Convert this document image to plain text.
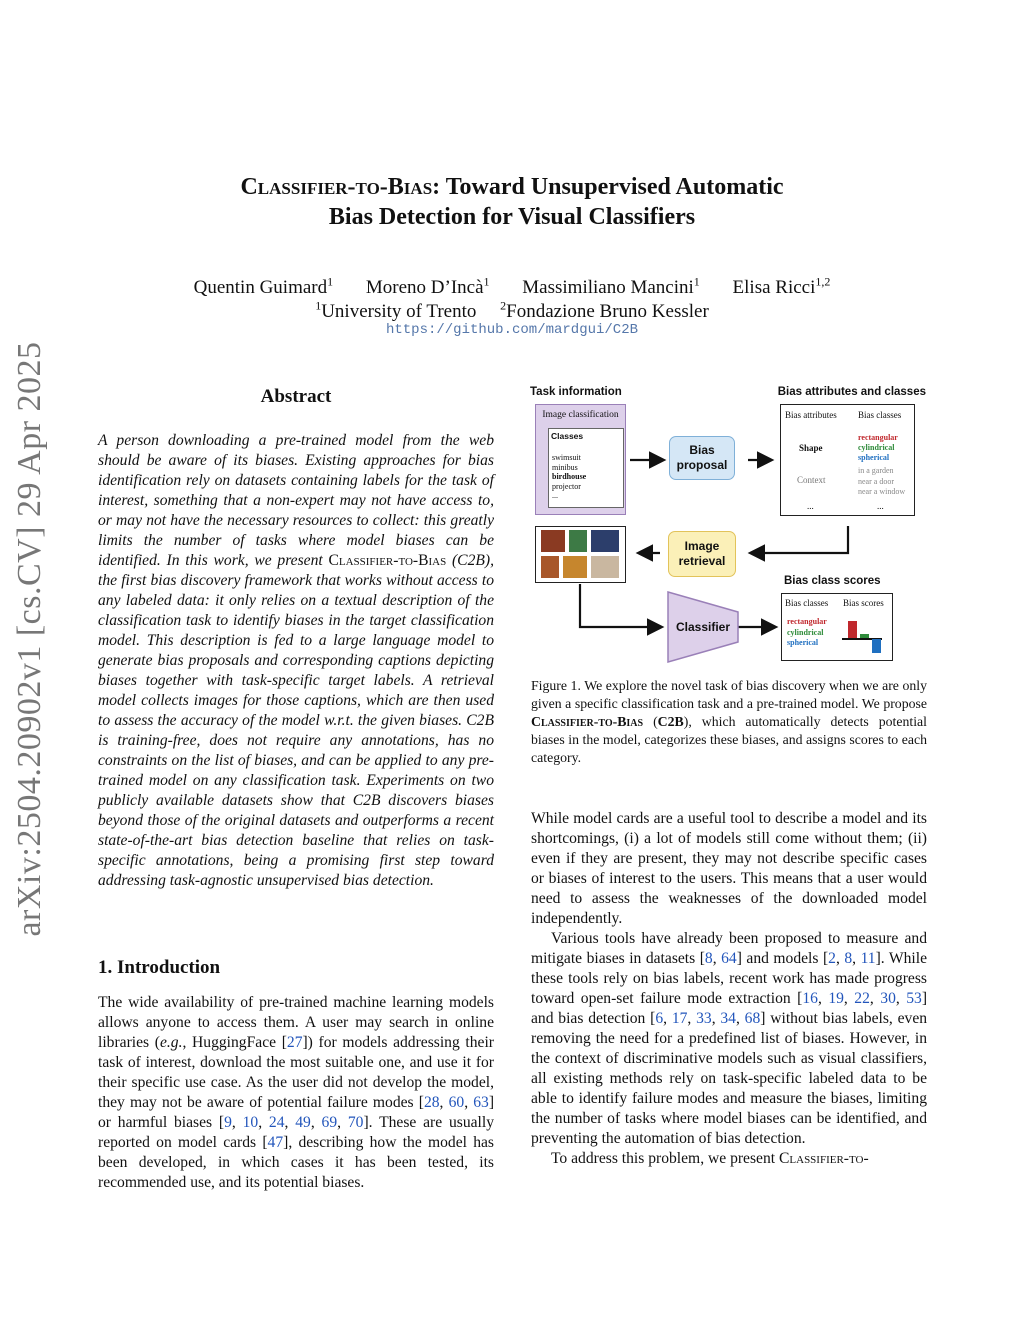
arXiv:2504.20902v1 [cs.CV] 29 Apr 2025
Classifier-to-Bias: Toward Unsupervised Automatic
Bias Detection for Visual Classifiers
Quentin Guimard$^1$ Moreno D’Incà$^1$ Massimiliano Mancini$^1$ Elisa Ricci$^{1,2}$
$^1$University of Trento $^2$Fondazione Bruno Kessler
https://github.com/mardgui/C2B
Abstract
A person downloading a pre-trained model from the web should be aware of its biases. Existing approaches for bias identification rely on datasets containing labels for the task of interest, something that a non-expert may not have access to, or may not have the necessary resources to collect: this greatly limits the number of tasks where model biases can be identified. In this work, we present Classifier-to-Bias (C2B), the first bias discovery framework that works without access to any labeled data: it only relies on a textual description of the classification task to identify biases in the target classification model. This description is fed to a large language model to generate bias proposals and corresponding captions depicting biases together with task-specific target labels. A retrieval model collects images for those captions, which are then used to assess the accuracy of the model w.r.t. the given biases. C2B is training-free, does not require any annotations, has no constraints on the list of biases, and can be applied to any pre-trained model on any classification task. Experiments on two publicly available datasets show that C2B discovers biases beyond those of the original datasets and outperforms a recent state-of-the-art bias detection baseline that relies on task-specific annotations, being a promising first step toward addressing task-agnostic unsupervised bias detection.
1. Introduction
The wide availability of pre-trained machine learning models allows anyone to access them. A user may search in online libraries (e.g., HuggingFace [27]) for models addressing their task of interest, download the most suitable one, and use it for their specific use case. As the user did not develop the model, they may not be aware of potential failure modes [28, 60, 63] or harmful biases [9, 10, 24, 49, 69, 70]. These are usually reported on model cards [47], describing how the model has been developed, in which cases it has been tested, its recommended use, and its potential biases.
Task information	Bias attributes and classes
Image classification
Classes
swimsuit
minibus
birdhouse
projector
...
Bias proposal
Bias attributes Bias classes
Shape
rectangular
cylindrical
spherical
Context
in a garden
near a door
near a window
...	...
Image retrieval
Bias class scores
Classifier
Bias classes Bias scores
rectangular
cylindrical
spherical
Figure 1. We explore the novel task of bias discovery when we are only given a specific classification task and a pre-trained model. We propose Classifier-to-Bias (C2B), which automatically detects potential biases in the model, categorizes these biases, and assigns scores to each category.

While model cards are a useful tool to describe a model and its shortcomings, (i) a lot of models still come without them; (ii) even if they are present, they may not describe specific cases or biases of interest to the users. This means that a user would need to assess the weaknesses of the downloaded model independently.

Various tools have already been proposed to measure and mitigate biases in datasets [8, 64] and models [2, 8, 11]. While these tools rely on bias labels, recent work has made progress toward open-set failure mode extraction [16, 19, 22, 30, 53] and bias detection [6, 17, 33, 34, 68] without bias labels, even removing the need for a predefined list of biases. However, in the context of discriminative models such as visual classifiers, all existing methods rely on task-specific labeled data to be able to identify failure modes and measure the biases, limiting the number of tasks where model biases can be identified, and preventing the automation of bias detection.

To address this problem, we present Classifier-to-
